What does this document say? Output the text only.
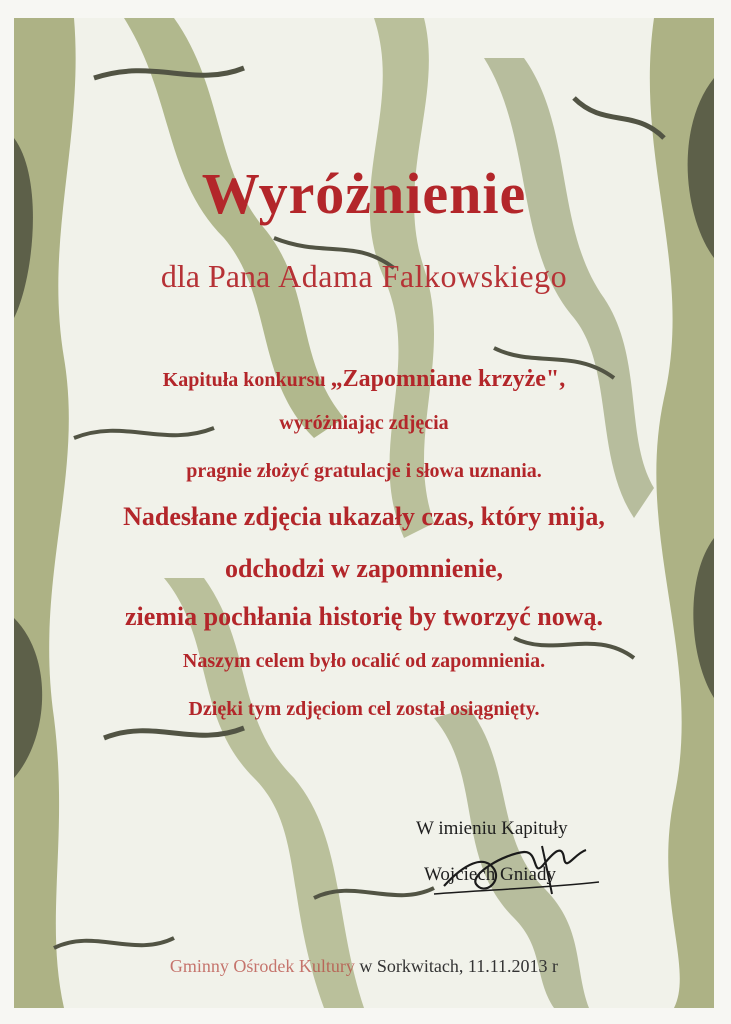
Wyróżnienie
dla Pana Adama Falkowskiego
Kapituła konkursu „Zapomniane krzyże",
wyróżniając zdjęcia
pragnie złożyć gratulacje i słowa uznania.
Nadesłane zdjęcia ukazały czas, który mija,
odchodzi w zapomnienie,
ziemia pochłania historię by tworzyć nową.
Naszym celem było ocalić od zapomnienia.
Dzięki tym zdjęciom cel został osiągnięty.
W imieniu Kapituły
Wojciech Gniady
Gminny Ośrodek Kultury w Sorkwitach, 11.11.2013 r
